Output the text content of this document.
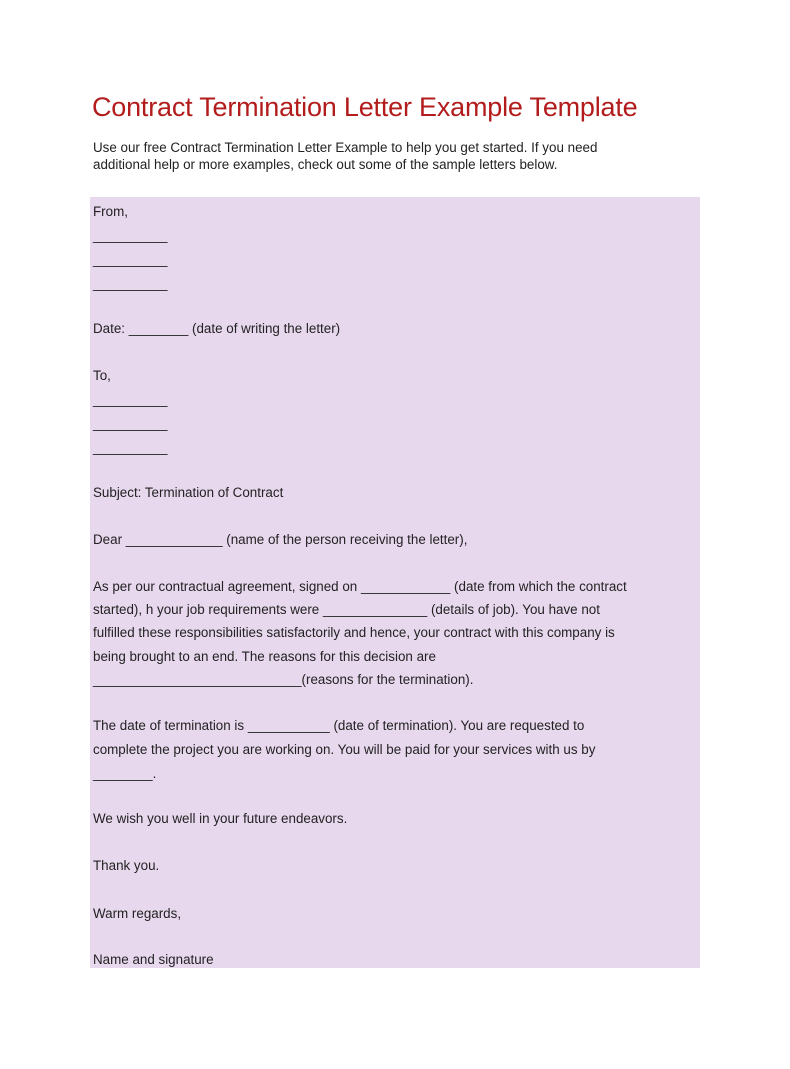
Contract Termination Letter Example Template

Use our free Contract Termination Letter Example to help you get started. If you need
additional help or more examples, check out some of the sample letters below.

From,

__________

__________

__________

Date: ________ (date of writing the letter)

To,

__________

__________

__________

Subject: Termination of Contract

Dear _____________ (name of the person receiving the letter),

As per our contractual agreement, signed on ____________ (date from which the contract

started), h your job requirements were ______________ (details of job). You have not

fulfilled these responsibilities satisfactorily and hence, your contract with this company is

being brought to an end. The reasons for this decision are

____________________________(reasons for the termination).

The date of termination is ___________ (date of termination). You are requested to

complete the project you are working on. You will be paid for your services with us by

________.

We wish you well in your future endeavors.

Thank you.

Warm regards,

Name and signature
